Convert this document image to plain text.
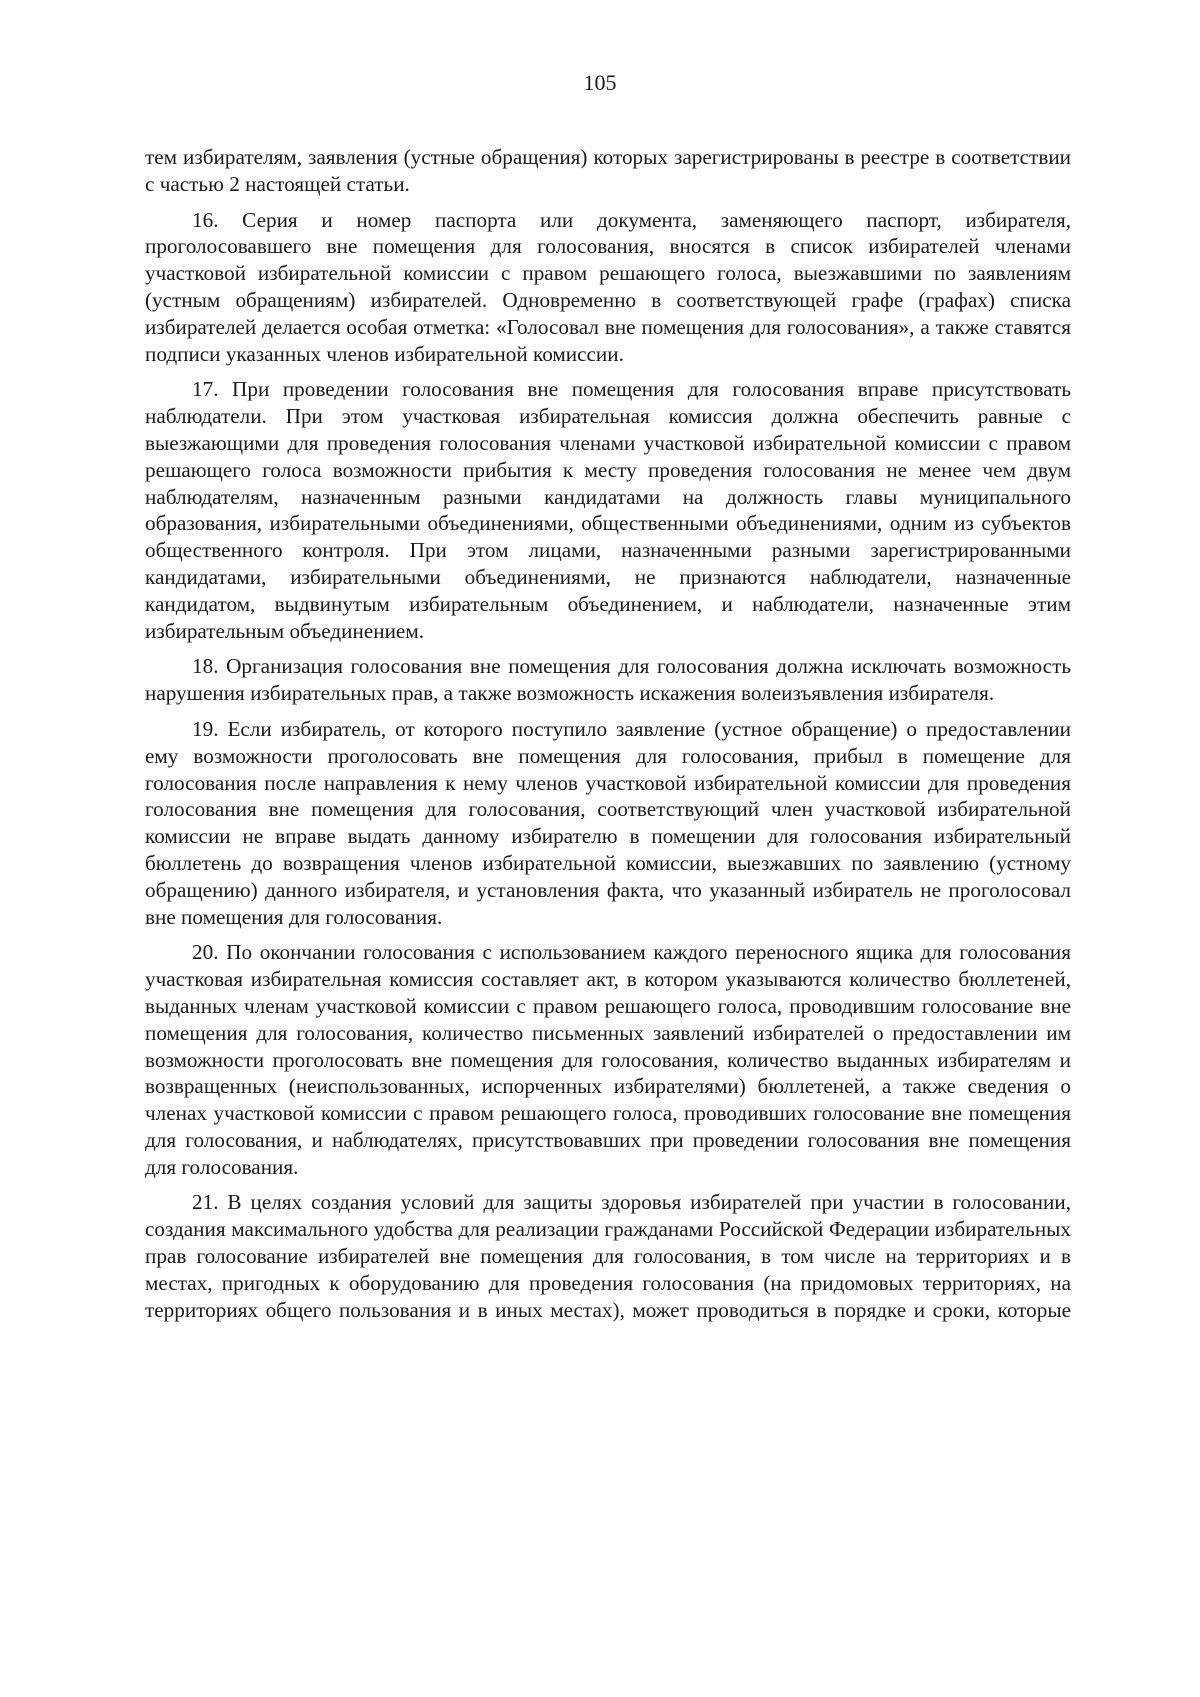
105

тем избирателям, заявления (устные обращения) которых зарегистрированы в реестре в соответствии с частью 2 настоящей статьи.

16. Серия и номер паспорта или документа, заменяющего паспорт, избирателя, проголосовавшего вне помещения для голосования, вносятся в список избирателей членами участковой избирательной комиссии с правом решающего голоса, выезжавшими по заявлениям (устным обращениям) избирателей. Одновременно в соответствующей графе (графах) списка избирателей делается особая отметка: «Голосовал вне помещения для голосования», а также ставятся подписи указанных членов избирательной комиссии.

17. При проведении голосования вне помещения для голосования вправе присутствовать наблюдатели. При этом участковая избирательная комиссия должна обеспечить равные с выезжающими для проведения голосования членами участковой избирательной комиссии с правом решающего голоса возможности прибытия к месту проведения голосования не менее чем двум наблюдателям, назначенным разными кандидатами на должность главы муниципального образования, избирательными объединениями, общественными объединениями, одним из субъектов общественного контроля. При этом лицами, назначенными разными зарегистрированными кандидатами, избирательными объединениями, не признаются наблюдатели, назначенные кандидатом, выдвинутым избирательным объединением, и наблюдатели, назначенные этим избирательным объединением.

18. Организация голосования вне помещения для голосования должна исключать возможность нарушения избирательных прав, а также возможность искажения волеизъявления избирателя.

19. Если избиратель, от которого поступило заявление (устное обращение) о предоставлении ему возможности проголосовать вне помещения для голосования, прибыл в помещение для голосования после направления к нему членов участковой избирательной комиссии для проведения голосования вне помещения для голосования, соответствующий член участковой избирательной комиссии не вправе выдать данному избирателю в помещении для голосования избирательный бюллетень до возвращения членов избирательной комиссии, выезжавших по заявлению (устному обращению) данного избирателя, и установления факта, что указанный избиратель не проголосовал вне помещения для голосования.

20. По окончании голосования с использованием каждого переносного ящика для голосования участковая избирательная комиссия составляет акт, в котором указываются количество бюллетеней, выданных членам участковой комиссии с правом решающего голоса, проводившим голосование вне помещения для голосования, количество письменных заявлений избирателей о предоставлении им возможности проголосовать вне помещения для голосования, количество выданных избирателям и возвращенных (неиспользованных, испорченных избирателями) бюллетеней, а также сведения о членах участковой комиссии с правом решающего голоса, проводивших голосование вне помещения для голосования, и наблюдателях, присутствовавших при проведении голосования вне помещения для голосования.

21. В целях создания условий для защиты здоровья избирателей при участии в голосовании, создания максимального удобства для реализации гражданами Российской Федерации избирательных прав голосование избирателей вне помещения для голосования, в том числе на территориях и в местах, пригодных к оборудованию для проведения голосования (на придомовых территориях, на территориях общего пользования и в иных местах), может проводиться в порядке и сроки, которые
